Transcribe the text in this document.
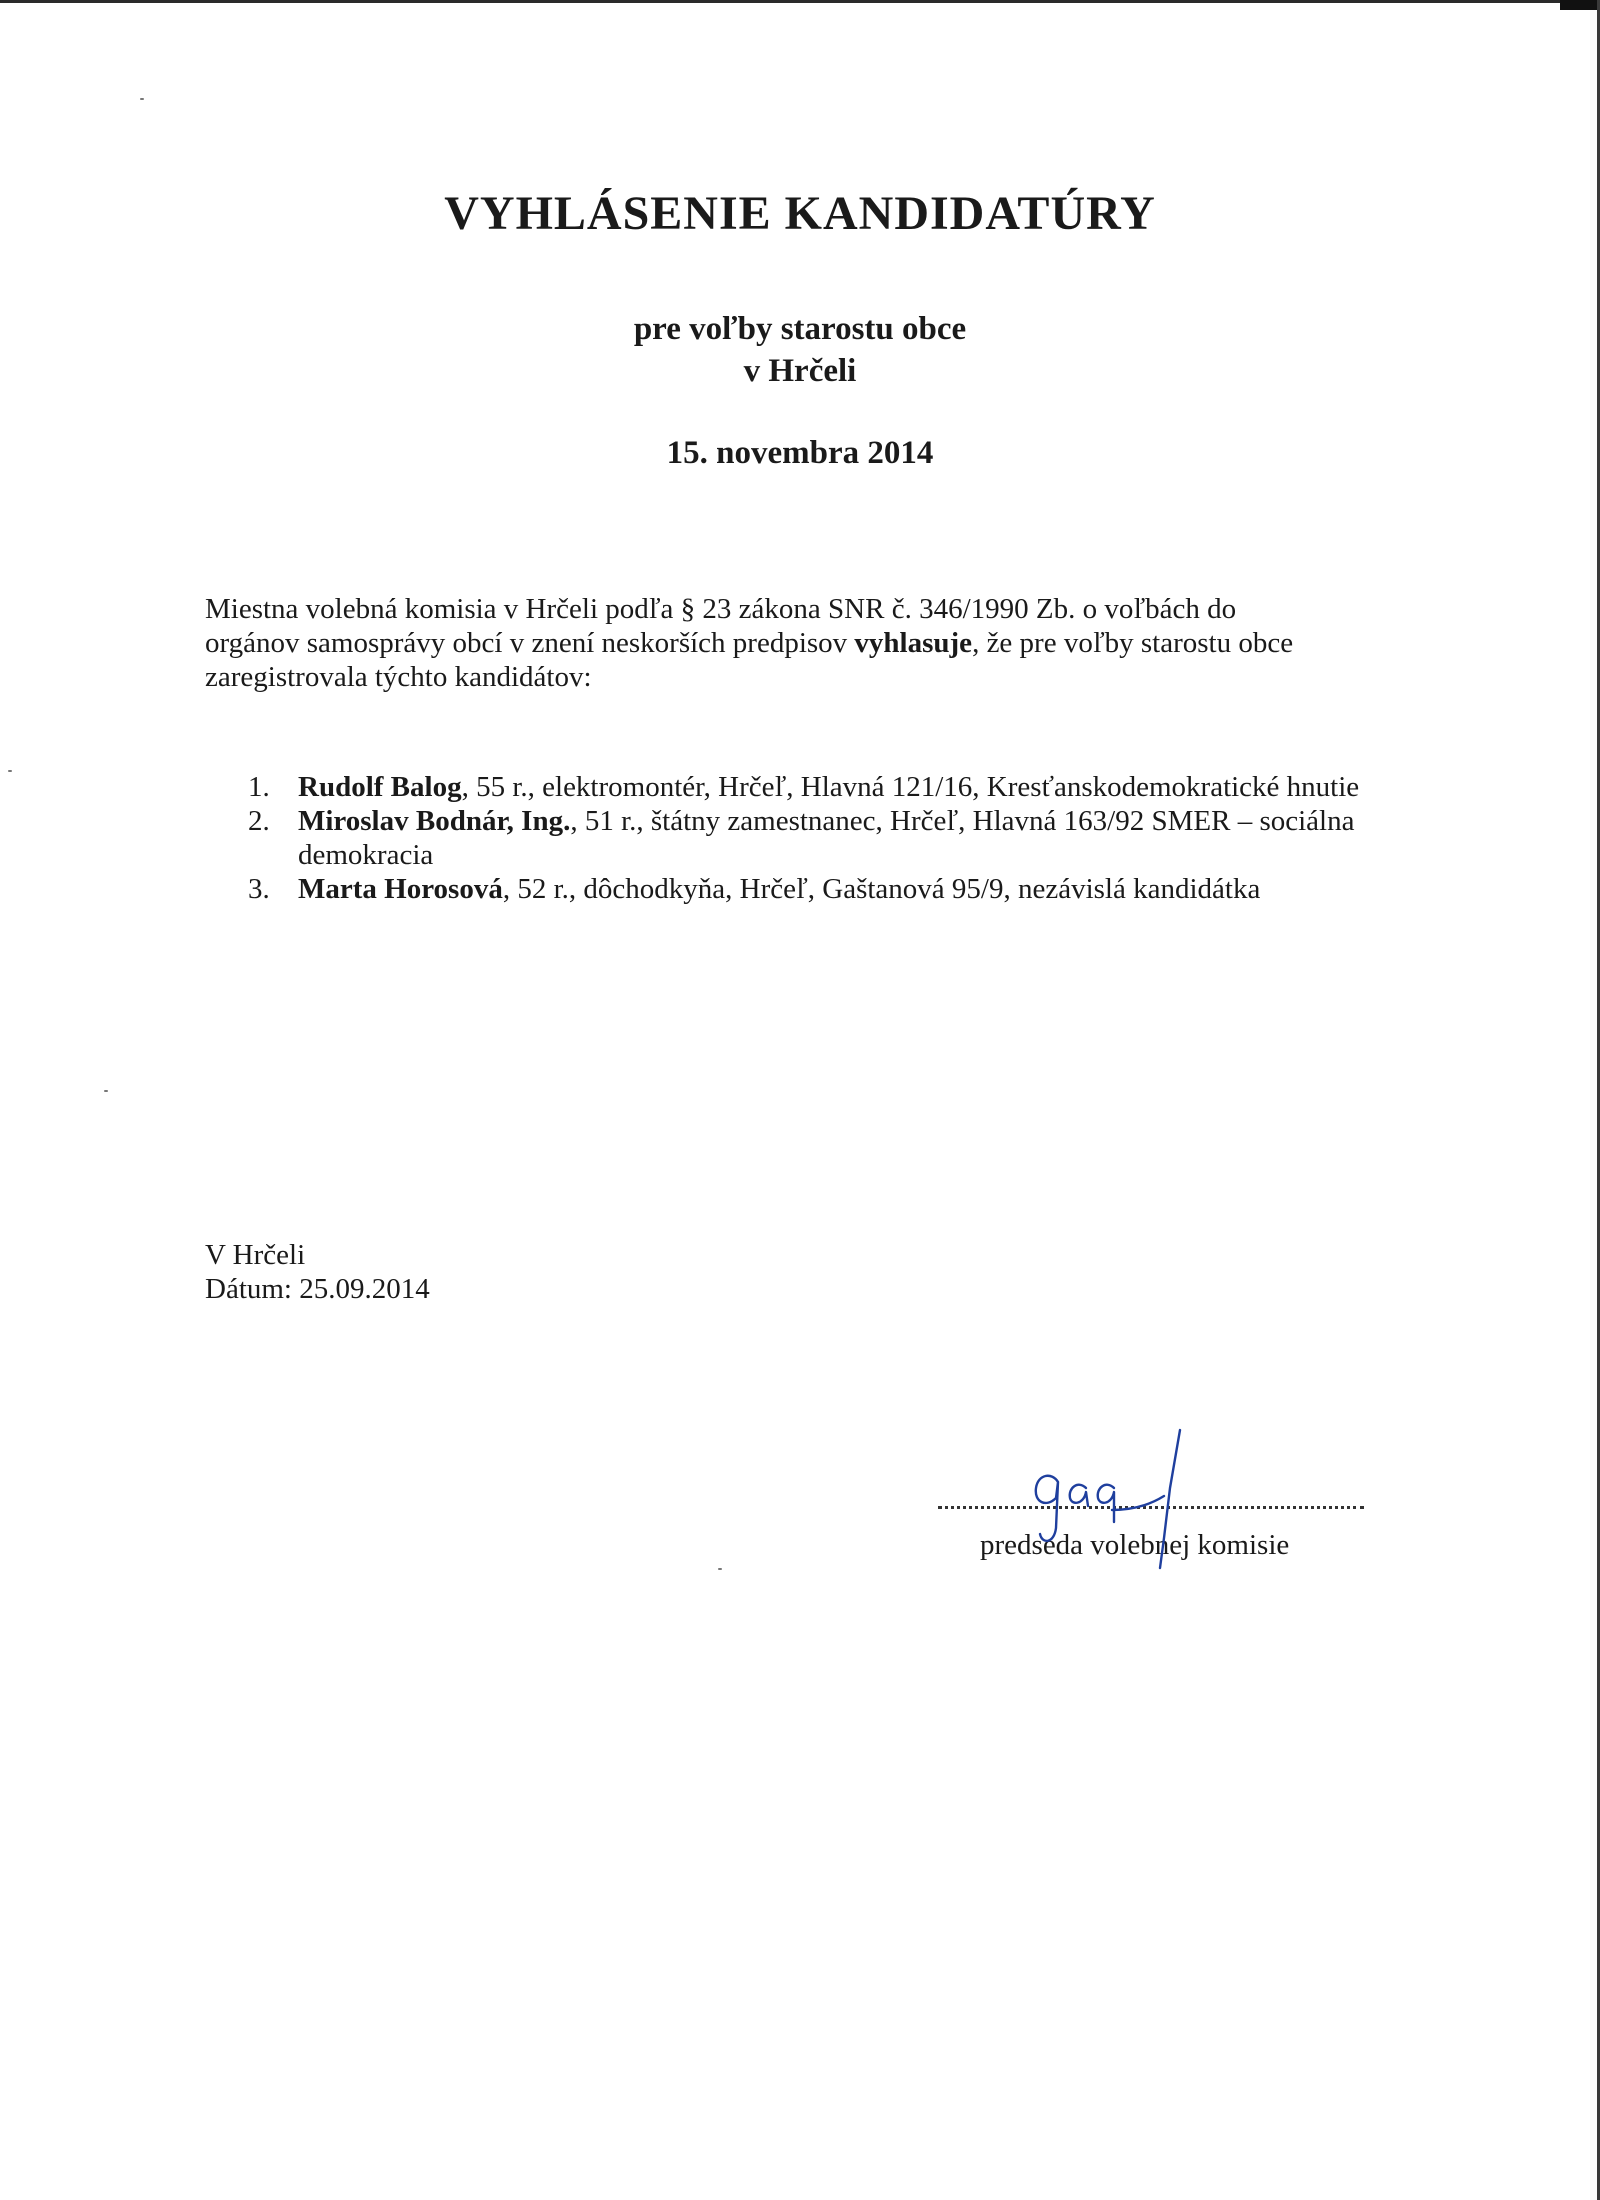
VYHLÁSENIE KANDIDATÚRY
pre voľby starostu obce
v Hrčeli
15. novembra 2014
Miestna volebná komisia v Hrčeli podľa § 23 zákona SNR č. 346/1990 Zb. o voľbách do
orgánov samosprávy obcí v znení neskorších predpisov vyhlasuje, že pre voľby starostu obce
zaregistrovala týchto kandidátov:

1. Rudolf Balog, 55 r., elektromontér, Hrčeľ, Hlavná 121/16, Kresťanskodemokratické hnutie

2. Miroslav Bodnár, Ing., 51 r., štátny zamestnanec, Hrčeľ, Hlavná 163/92 SMER – sociálna demokracia

3. Marta Horosová, 52 r., dôchodkyňa, Hrčeľ, Gaštanová 95/9, nezávislá kandidátka

V Hrčeli
Dátum: 25.09.2014
predseda volebnej komisie
